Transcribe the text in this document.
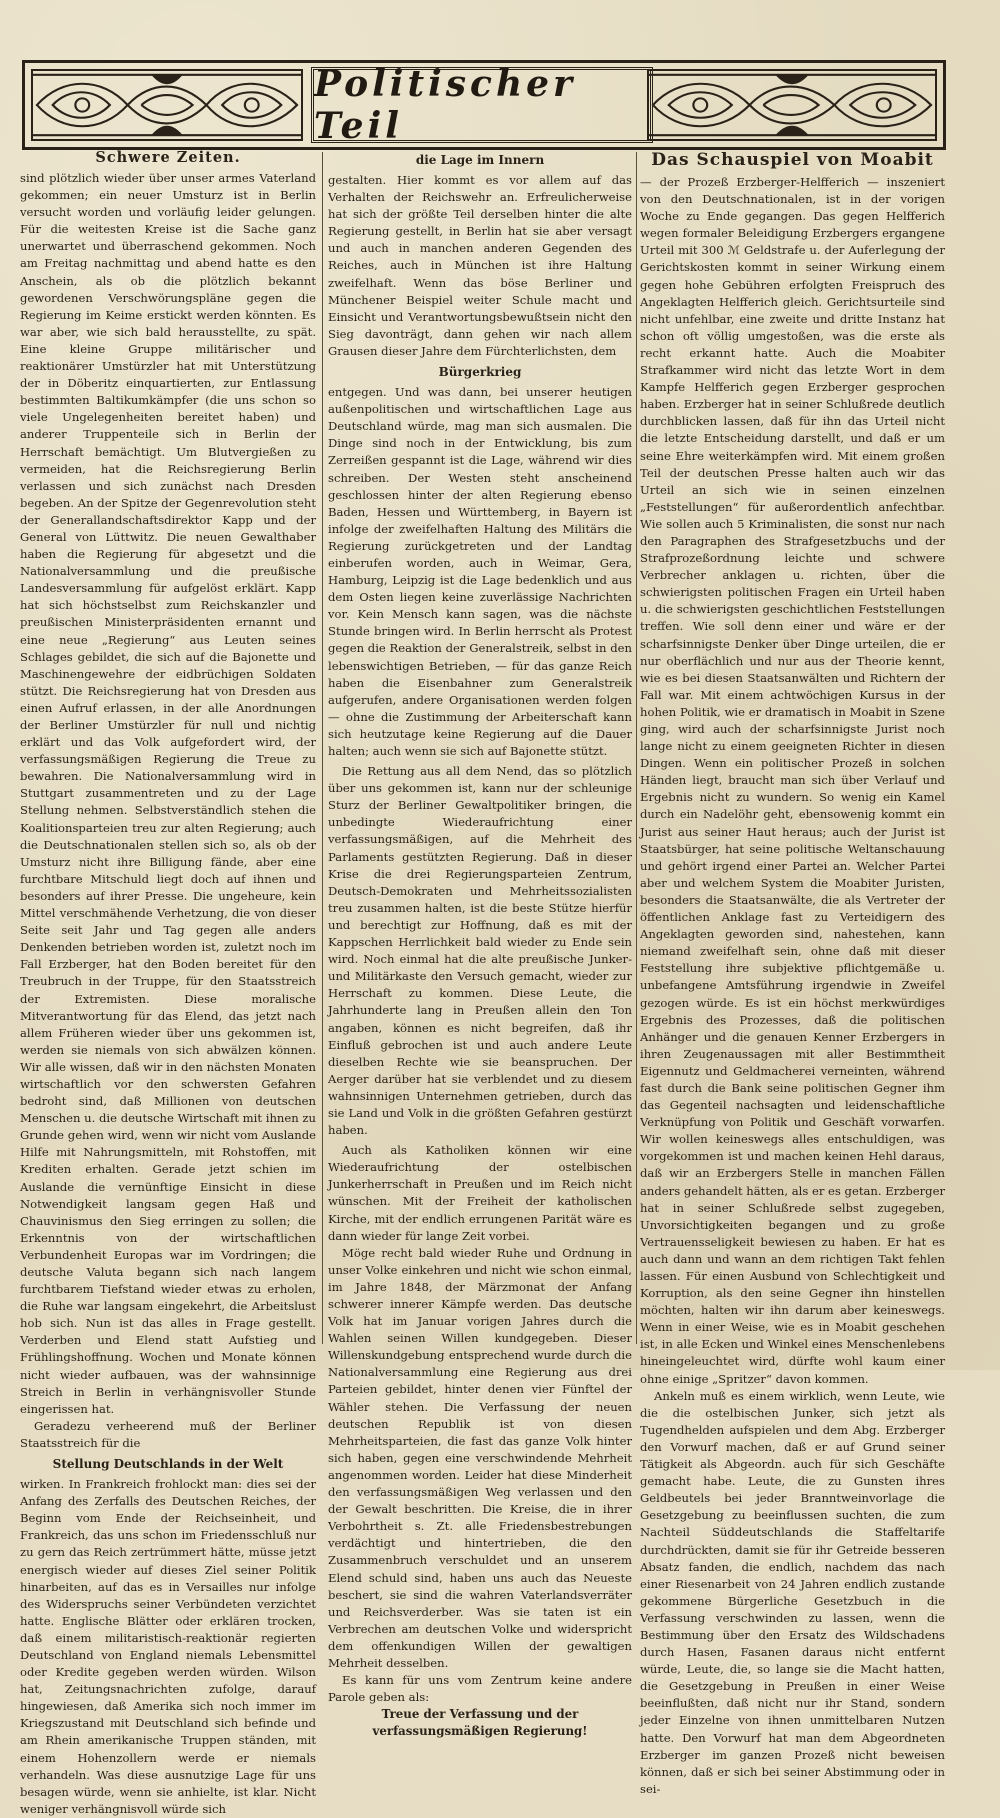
Politischer Teil
Schwere Zeiten.

sind plötzlich wieder über unser armes Vaterland gekommen; ein neuer Umsturz ist in Berlin versucht worden und vorläufig leider gelungen. Für die weitesten Kreise ist die Sache ganz unerwartet und überraschend gekommen. Noch am Freitag nachmittag und abend hatte es den Anschein, als ob die plötzlich bekannt gewordenen Verschwörungspläne gegen die Regierung im Keime erstickt werden könnten. Es war aber, wie sich bald herausstellte, zu spät. Eine kleine Gruppe militärischer und reaktionärer Umstürzler hat mit Unterstützung der in Döberitz einquartierten, zur Entlassung bestimmten Baltikumkämpfer (die uns schon so viele Ungelegenheiten bereitet haben) und anderer Truppenteile sich in Berlin der Herrschaft bemächtigt. Um Blutvergießen zu vermeiden, hat die Reichsregierung Berlin verlassen und sich zunächst nach Dresden begeben. An der Spitze der Gegenrevolution steht der Generallandschaftsdirektor Kapp und der General von Lüttwitz. Die neuen Gewalthaber haben die Regierung für abgesetzt und die Nationalversammlung und die preußische Landesversammlung für aufgelöst erklärt. Kapp hat sich höchstselbst zum Reichskanzler und preußischen Ministerpräsidenten ernannt und eine neue „Regierung“ aus Leuten seines Schlages gebildet, die sich auf die Bajonette und Maschinengewehre der eidbrüchigen Soldaten stützt. Die Reichsregierung hat von Dresden aus einen Aufruf erlassen, in der alle Anordnungen der Berliner Umstürzler für null und nichtig erklärt und das Volk aufgefordert wird, der verfassungsmäßigen Regierung die Treue zu bewahren. Die Nationalversammlung wird in Stuttgart zusammentreten und zu der Lage Stellung nehmen. Selbstverständlich stehen die Koalitionsparteien treu zur alten Regierung; auch die Deutschnationalen stellen sich so, als ob der Umsturz nicht ihre Billigung fände, aber eine furchtbare Mitschuld liegt doch auf ihnen und besonders auf ihrer Presse. Die ungeheure, kein Mittel verschmähende Verhetzung, die von dieser Seite seit Jahr und Tag gegen alle anders Denkenden betrieben worden ist, zuletzt noch im Fall Erzberger, hat den Boden bereitet für den Treubruch in der Truppe, für den Staatsstreich der Extremisten. Diese moralische Mitverantwortung für das Elend, das jetzt nach allem Früheren wieder über uns gekommen ist, werden sie niemals von sich abwälzen können. Wir alle wissen, daß wir in den nächsten Monaten wirtschaftlich vor den schwersten Gefahren bedroht sind, daß Millionen von deutschen Menschen u. die deutsche Wirtschaft mit ihnen zu Grunde gehen wird, wenn wir nicht vom Auslande Hilfe mit Nahrungsmitteln, mit Rohstoffen, mit Krediten erhalten. Gerade jetzt schien im Auslande die vernünftige Einsicht in diese Notwendigkeit langsam gegen Haß und Chauvinismus den Sieg erringen zu sollen; die Erkenntnis von der wirtschaftlichen Verbundenheit Europas war im Vordringen; die deutsche Valuta begann sich nach langem furchtbarem Tiefstand wieder etwas zu erholen, die Ruhe war langsam eingekehrt, die Arbeitslust hob sich. Nun ist das alles in Frage gestellt. Verderben und Elend statt Aufstieg und Frühlingshoffnung. Wochen und Monate können nicht wieder aufbauen, was der wahnsinnige Streich in Berlin in verhängnisvoller Stunde eingerissen hat.

Geradezu verheerend muß der Berliner Staatsstreich für die

Stellung Deutschlands in der Welt

wirken. In Frankreich frohlockt man: dies sei der Anfang des Zerfalls des Deutschen Reiches, der Beginn vom Ende der Reichseinheit, und Frankreich, das uns schon im Friedensschluß nur zu gern das Reich zertrümmert hätte, müsse jetzt energisch wieder auf dieses Ziel seiner Politik hinarbeiten, auf das es in Versailles nur infolge des Widerspruchs seiner Verbündeten verzichtet hatte. Englische Blätter oder erklären trocken, daß einem militaristisch-reaktionär regierten Deutschland von England niemals Lebensmittel oder Kredite gegeben werden würden. Wilson hat, Zeitungsnachrichten zufolge, darauf hingewiesen, daß Amerika sich noch immer im Kriegszustand mit Deutschland sich befinde und am Rhein amerikanische Truppen ständen, mit einem Hohenzollern werde er niemals verhandeln. Was diese ausnutzige Lage für uns besagen würde, wenn sie anhielte, ist klar. Nicht weniger verhängnisvoll würde sich

die Lage im Innern

gestalten. Hier kommt es vor allem auf das Verhalten der Reichswehr an. Erfreulicherweise hat sich der größte Teil derselben hinter die alte Regierung gestellt, in Berlin hat sie aber versagt und auch in manchen anderen Gegenden des Reiches, auch in München ist ihre Haltung zweifelhaft. Wenn das böse Berliner und Münchener Beispiel weiter Schule macht und Einsicht und Verantwortungsbewußtsein nicht den Sieg davonträgt, dann gehen wir nach allem Grausen dieser Jahre dem Fürchterlichsten, dem

Bürgerkrieg

entgegen. Und was dann, bei unserer heutigen außenpolitischen und wirtschaftlichen Lage aus Deutschland würde, mag man sich ausmalen. Die Dinge sind noch in der Entwicklung, bis zum Zerreißen gespannt ist die Lage, während wir dies schreiben. Der Westen steht anscheinend geschlossen hinter der alten Regierung ebenso Baden, Hessen und Württemberg, in Bayern ist infolge der zweifelhaften Haltung des Militärs die Regierung zurückgetreten und der Landtag einberufen worden, auch in Weimar, Gera, Hamburg, Leipzig ist die Lage bedenklich und aus dem Osten liegen keine zuverlässige Nachrichten vor. Kein Mensch kann sagen, was die nächste Stunde bringen wird. In Berlin herrscht als Protest gegen die Reaktion der Generalstreik, selbst in den lebenswichtigen Betrieben, — für das ganze Reich haben die Eisenbahner zum Generalstreik aufgerufen, andere Organisationen werden folgen — ohne die Zustimmung der Arbeiterschaft kann sich heutzutage keine Regierung auf die Dauer halten; auch wenn sie sich auf Bajonette stützt.

Die Rettung aus all dem Nend, das so plötzlich über uns gekommen ist, kann nur der schleunige Sturz der Berliner Gewaltpolitiker bringen, die unbedingte Wiederaufrichtung einer verfassungsmäßigen, auf die Mehrheit des Parlaments gestützten Regierung. Daß in dieser Krise die drei Regierungsparteien Zentrum, Deutsch-Demokraten und Mehrheitssozialisten treu zusammen halten, ist die beste Stütze hierfür und berechtigt zur Hoffnung, daß es mit der Kappschen Herrlichkeit bald wieder zu Ende sein wird. Noch einmal hat die alte preußische Junker- und Militärkaste den Versuch gemacht, wieder zur Herrschaft zu kommen. Diese Leute, die Jahrhunderte lang in Preußen allein den Ton angaben, können es nicht begreifen, daß ihr Einfluß gebrochen ist und auch andere Leute dieselben Rechte wie sie beanspruchen. Der Aerger darüber hat sie verblendet und zu diesem wahnsinnigen Unternehmen getrieben, durch das sie Land und Volk in die größten Gefahren gestürzt haben.

Auch als Katholiken können wir eine Wiederaufrichtung der ostelbischen Junkerherrschaft in Preußen und im Reich nicht wünschen. Mit der Freiheit der katholischen Kirche, mit der endlich errungenen Parität wäre es dann wieder für lange Zeit vorbei.

Möge recht bald wieder Ruhe und Ordnung in unser Volke einkehren und nicht wie schon einmal, im Jahre 1848, der Märzmonat der Anfang schwerer innerer Kämpfe werden. Das deutsche Volk hat im Januar vorigen Jahres durch die Wahlen seinen Willen kundgegeben. Dieser Willenskundgebung entsprechend wurde durch die Nationalversammlung eine Regierung aus drei Parteien gebildet, hinter denen vier Fünftel der Wähler stehen. Die Verfassung der neuen deutschen Republik ist von diesen Mehrheitsparteien, die fast das ganze Volk hinter sich haben, gegen eine verschwindende Mehrheit angenommen worden. Leider hat diese Minderheit den verfassungsmäßigen Weg verlassen und den der Gewalt beschritten. Die Kreise, die in ihrer Verbohrtheit s. Zt. alle Friedensbestrebungen verdächtigt und hintertrieben, die den Zusammenbruch verschuldet und an unserem Elend schuld sind, haben uns auch das Neueste beschert, sie sind die wahren Vaterlandsverräter und Reichsverderber. Was sie taten ist ein Verbrechen am deutschen Volke und widerspricht dem offenkundigen Willen der gewaltigen Mehrheit desselben.

Es kann für uns vom Zentrum keine andere Parole geben als:

Treue der Verfassung und der verfassungsmäßigen Regierung!
Das Schauspiel von Moabit

— der Prozeß Erzberger-Helfferich — inszeniert von den Deutschnationalen, ist in der vorigen Woche zu Ende gegangen. Das gegen Helfferich wegen formaler Beleidigung Erzbergers ergangene Urteil mit 300 ℳ Geldstrafe u. der Auferlegung der Gerichtskosten kommt in seiner Wirkung einem gegen hohe Gebühren erfolgten Freispruch des Angeklagten Helfferich gleich. Gerichtsurteile sind nicht unfehlbar, eine zweite und dritte Instanz hat schon oft völlig umgestoßen, was die erste als recht erkannt hatte. Auch die Moabiter Strafkammer wird nicht das letzte Wort in dem Kampfe Helfferich gegen Erzberger gesprochen haben. Erzberger hat in seiner Schlußrede deutlich durchblicken lassen, daß für ihn das Urteil nicht die letzte Entscheidung darstellt, und daß er um seine Ehre weiterkämpfen wird. Mit einem großen Teil der deutschen Presse halten auch wir das Urteil an sich wie in seinen einzelnen „Feststellungen“ für außerordentlich anfechtbar. Wie sollen auch 5 Kriminalisten, die sonst nur nach den Paragraphen des Strafgesetzbuchs und der Strafprozeßordnung leichte und schwere Verbrecher anklagen u. richten, über die schwierigsten politischen Fragen ein Urteil haben u. die schwierigsten geschichtlichen Feststellungen treffen. Wie soll denn einer und wäre er der scharfsinnigste Denker über Dinge urteilen, die er nur oberflächlich und nur aus der Theorie kennt, wie es bei diesen Staatsanwälten und Richtern der Fall war. Mit einem achtwöchigen Kursus in der hohen Politik, wie er dramatisch in Moabit in Szene ging, wird auch der scharfsinnigste Jurist noch lange nicht zu einem geeigneten Richter in diesen Dingen. Wenn ein politischer Prozeß in solchen Händen liegt, braucht man sich über Verlauf und Ergebnis nicht zu wundern. So wenig ein Kamel durch ein Nadelöhr geht, ebensowenig kommt ein Jurist aus seiner Haut heraus; auch der Jurist ist Staatsbürger, hat seine politische Weltanschauung und gehört irgend einer Partei an. Welcher Partei aber und welchem System die Moabiter Juristen, besonders die Staatsanwälte, die als Vertreter der öffentlichen Anklage fast zu Verteidigern des Angeklagten geworden sind, nahestehen, kann niemand zweifelhaft sein, ohne daß mit dieser Feststellung ihre subjektive pflichtgemäße u. unbefangene Amtsführung irgendwie in Zweifel gezogen würde. Es ist ein höchst merkwürdiges Ergebnis des Prozesses, daß die politischen Anhänger und die genauen Kenner Erzbergers in ihren Zeugenaussagen mit aller Bestimmtheit Eigennutz und Geldmacherei verneinten, während fast durch die Bank seine politischen Gegner ihm das Gegenteil nachsagten und leidenschaftliche Verknüpfung von Politik und Geschäft vorwarfen. Wir wollen keineswegs alles entschuldigen, was vorgekommen ist und machen keinen Hehl daraus, daß wir an Erzbergers Stelle in manchen Fällen anders gehandelt hätten, als er es getan. Erzberger hat in seiner Schlußrede selbst zugegeben, Unvorsichtigkeiten begangen und zu große Vertrauensseligkeit bewiesen zu haben. Er hat es auch dann und wann an dem richtigen Takt fehlen lassen. Für einen Ausbund von Schlechtigkeit und Korruption, als den seine Gegner ihn hinstellen möchten, halten wir ihn darum aber keineswegs. Wenn in einer Weise, wie es in Moabit geschehen ist, in alle Ecken und Winkel eines Menschenlebens hineingeleuchtet wird, dürfte wohl kaum einer ohne einige „Spritzer“ davon kommen.

Ankeln muß es einem wirklich, wenn Leute, wie die die ostelbischen Junker, sich jetzt als Tugendhelden aufspielen und dem Abg. Erzberger den Vorwurf machen, daß er auf Grund seiner Tätigkeit als Abgeordn. auch für sich Geschäfte gemacht habe. Leute, die zu Gunsten ihres Geldbeutels bei jeder Branntweinvorlage die Gesetzgebung zu beeinflussen suchten, die zum Nachteil Süddeutschlands die Staffeltarife durchdrückten, damit sie für ihr Getreide besseren Absatz fanden, die endlich, nachdem das nach einer Riesenarbeit von 24 Jahren endlich zustande gekommene Bürgerliche Gesetzbuch in die Verfassung verschwinden zu lassen, wenn die Bestimmung über den Ersatz des Wildschadens durch Hasen, Fasanen daraus nicht entfernt würde, Leute, die, so lange sie die Macht hatten, die Gesetzgebung in Preußen in einer Weise beeinflußten, daß nicht nur ihr Stand, sondern jeder Einzelne von ihnen unmittelbaren Nutzen hatte. Den Vorwurf hat man dem Abgeordneten Erzberger im ganzen Prozeß nicht beweisen können, daß er sich bei seiner Abstimmung oder in sei-
